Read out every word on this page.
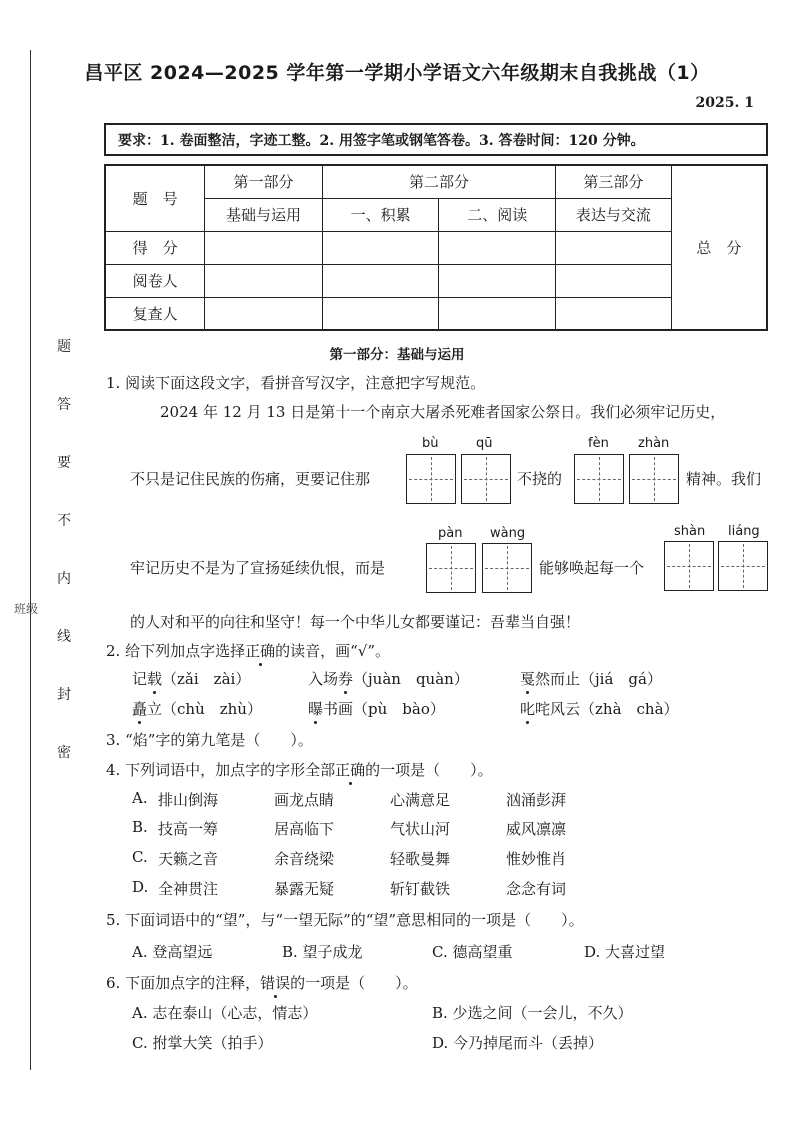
班级
题
答
要
不
内
线
封
密
昌平区 2024—2025 学年第一学期小学语文六年级期末自我挑战（1）
2025. 1
要求：1. 卷面整洁，字迹工整。2. 用签字笔或钢笔答卷。3. 答卷时间：120 分钟。
题　号	第一部分	第二部分		第三部分	总　分
	基础与运用	一、积累	二、阅读	表达与交流	
得　分					
阅卷人					
复查人					
第一部分：基础与运用
1. 阅读下面这段文字，看拼音写汉字，注意把字写规范。
2024 年 12 月 13 日是第十一个南京大屠杀死难者国家公祭日。我们必须牢记历史，
bù	qū	fèn zhàn
不只是记住民族的伤痛，更要记住那	不挠的	精神。我们
pàn wàng	shàn liáng
牢记历史不是为了宣扬延续仇恨，而是	能够唤起每一个
的人对和平的向往和坚守！每一个中华儿女都要谨记：吾辈当自强！
2. 给下列加点字选择正确的读音，画“√”。
记载（zǎi　zài）	入场券（juàn　quàn）	戛然而止（jiá　gá）
矗立（chù　zhù）	曝书画（pù　bào）	叱咤风云（zhà　chà）
3. “焰”字的第九笔是（　　）。
4. 下列词语中，加点字的字形全部正确的一项是（　　）。
A. 排山倒海	画龙点睛	心满意足	汹涌彭湃
B. 技高一筹	居高临下	气状山河	威风凛凛
C. 天籁之音	余音绕梁	轻歌曼舞	惟妙惟肖
D. 全神贯注	暴露无疑	斩钉截铁	念念有词
5. 下面词语中的“望”，与“一望无际”的“望”意思相同的一项是（　　）。
A. 登高望远	B. 望子成龙	C. 德高望重	D. 大喜过望
6. 下面加点字的注释，错误的一项是（　　）。
A. 志在泰山（心志，情志）	B. 少选之间（一会儿，不久）
C. 拊掌大笑（拍手）	D. 今乃掉尾而斗（丢掉）
